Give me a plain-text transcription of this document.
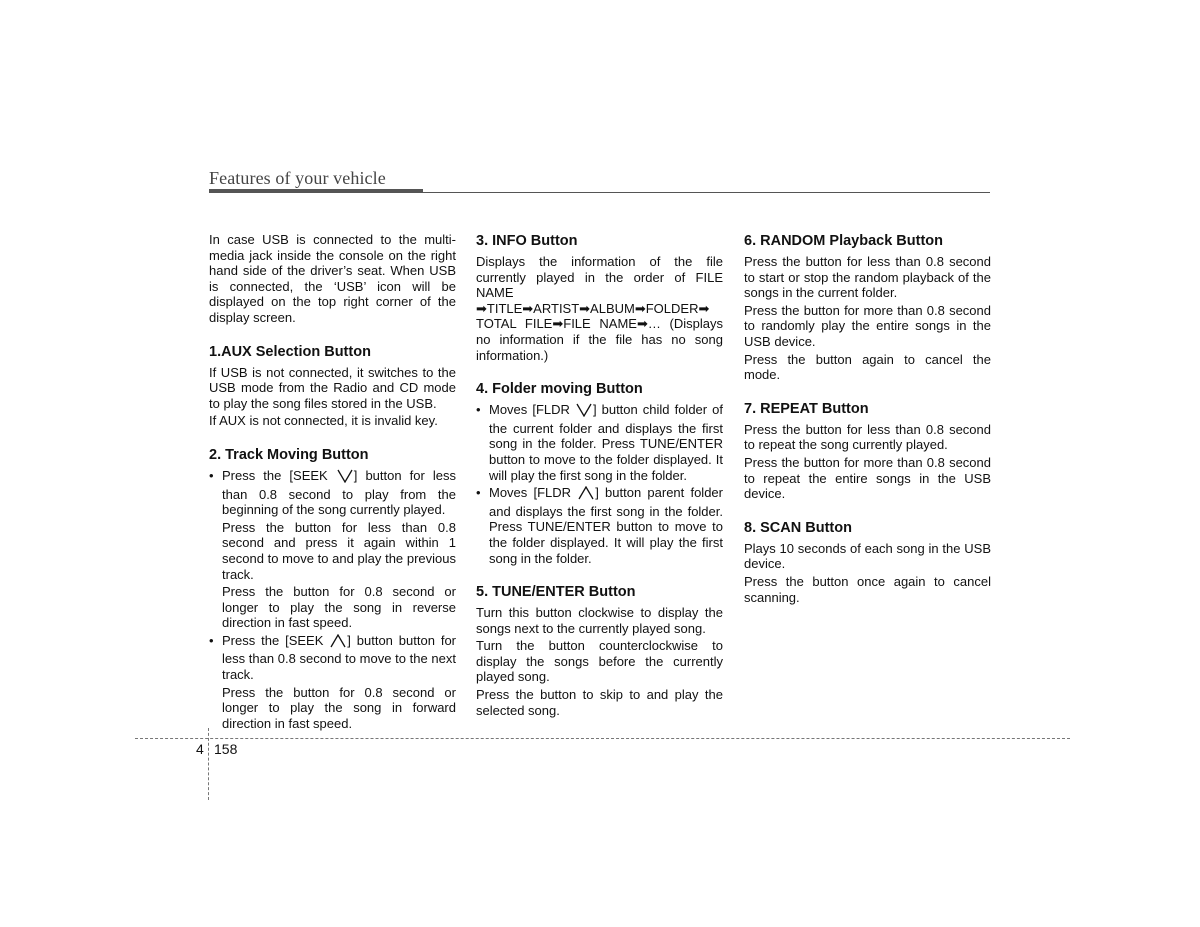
Features of your vehicle

In case USB is connected to the multi-media jack inside the console on the right hand side of the driver’s seat. When USB is connected, the ‘USB’ icon will be displayed on the top right corner of the display screen.

1.AUX Selection Button

If USB is not connected, it switches to the USB mode from the Radio and CD mode to play the song files stored in the USB.

If AUX is not connected, it is invalid key.

2. Track Moving Button
• Press the [SEEK ] button for less than 0.8 second to play from the beginning of the song currently played.

Press the button for less than 0.8 second and press it again within 1 second to move to and play the previous track.

Press the button for 0.8 second or longer to play the song in reverse direction in fast speed.

• Press the [SEEK ] button button for less than 0.8 second to move to the next track.

Press the button for 0.8 second or longer to play the song in forward direction in fast speed.

3. INFO Button

Displays the information of the file currently played in the order of FILE NAME ➡TITLE➡ARTIST➡ALBUM➡FOLDER➡ TOTAL FILE➡FILE NAME➡… (Displays no information if the file has no song information.)

4. Folder moving Button
• Moves [FLDR ] button child folder of the current folder and displays the first song in the folder. Press TUNE/ENTER button to move to the folder displayed. It will play the first song in the folder.

• Moves [FLDR ] button parent folder and displays the first song in the folder. Press TUNE/ENTER button to move to the folder displayed. It will play the first song in the folder.

5. TUNE/ENTER Button

Turn this button clockwise to display the songs next to the currently played song.

Turn the button counterclockwise to display the songs before the currently played song.

Press the button to skip to and play the selected song.

6. RANDOM Playback Button

Press the button for less than 0.8 second to start or stop the random playback of the songs in the current folder.

Press the button for more than 0.8 second to randomly play the entire songs in the USB device.

Press the button again to cancel the mode.

7. REPEAT Button

Press the button for less than 0.8 second to repeat the song currently played.

Press the button for more than 0.8 second to repeat the entire songs in the USB device.

8. SCAN Button

Plays 10 seconds of each song in the USB device.

Press the button once again to cancel scanning.

4 158
